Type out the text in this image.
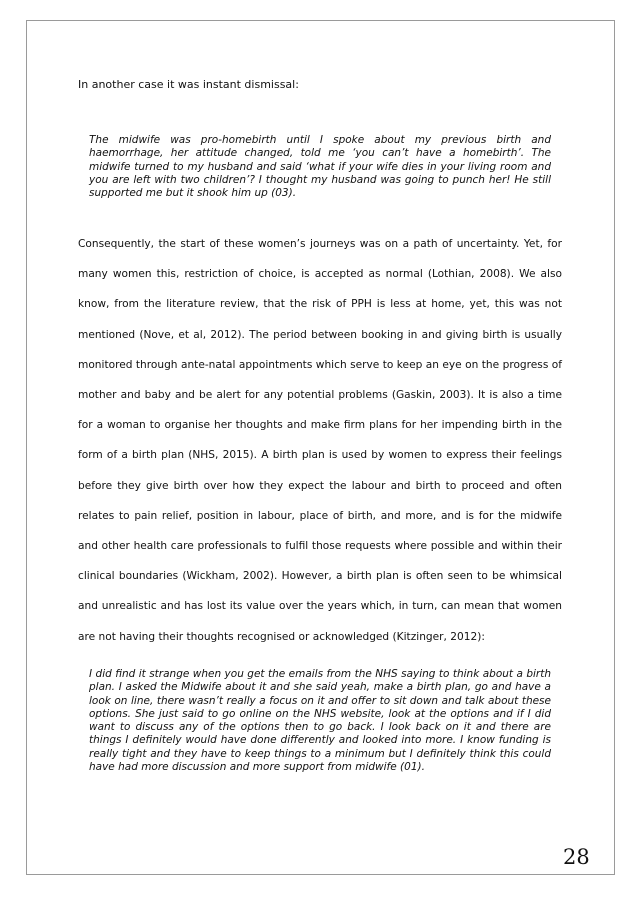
In another case it was instant dismissal:

The midwife was pro-homebirth until I spoke about my previous birth and haemorrhage, her attitude changed, told me ‘you can’t have a homebirth’. The midwife turned to my husband and said ‘what if your wife dies in your living room and you are left with two children’? I thought my husband was going to punch her! He still supported me but it shook him up (03).
Consequently, the start of these women’s journeys was on a path of uncertainty. Yet, for many women this, restriction of choice, is accepted as normal (Lothian, 2008). We also know, from the literature review, that the risk of PPH is less at home, yet, this was not mentioned (Nove, et al, 2012). The period between booking in and giving birth is usually monitored through ante-natal appointments which serve to keep an eye on the progress of mother and baby and be alert for any potential problems (Gaskin, 2003). It is also a time for a woman to organise her thoughts and make firm plans for her impending birth in the form of a birth plan (NHS, 2015). A birth plan is used by women to express their feelings before they give birth over how they expect the labour and birth to proceed and often relates to pain relief, position in labour, place of birth, and more, and is for the midwife and other health care professionals to fulfil those requests where possible and within their clinical boundaries (Wickham, 2002). However, a birth plan is often seen to be whimsical and unrealistic and has lost its value over the years which, in turn, can mean that women are not having their thoughts recognised or acknowledged (Kitzinger, 2012):
I did find it strange when you get the emails from the NHS saying to think about a birth plan. I asked the Midwife about it and she said yeah, make a birth plan, go and have a look on line, there wasn’t really a focus on it and offer to sit down and talk about these options. She just said to go online on the NHS website, look at the options and if I did want to discuss any of the options then to go back. I look back on it and there are things I definitely would have done differently and looked into more. I know funding is really tight and they have to keep things to a minimum but I definitely think this could have had more discussion and more support from midwife (01).
28
